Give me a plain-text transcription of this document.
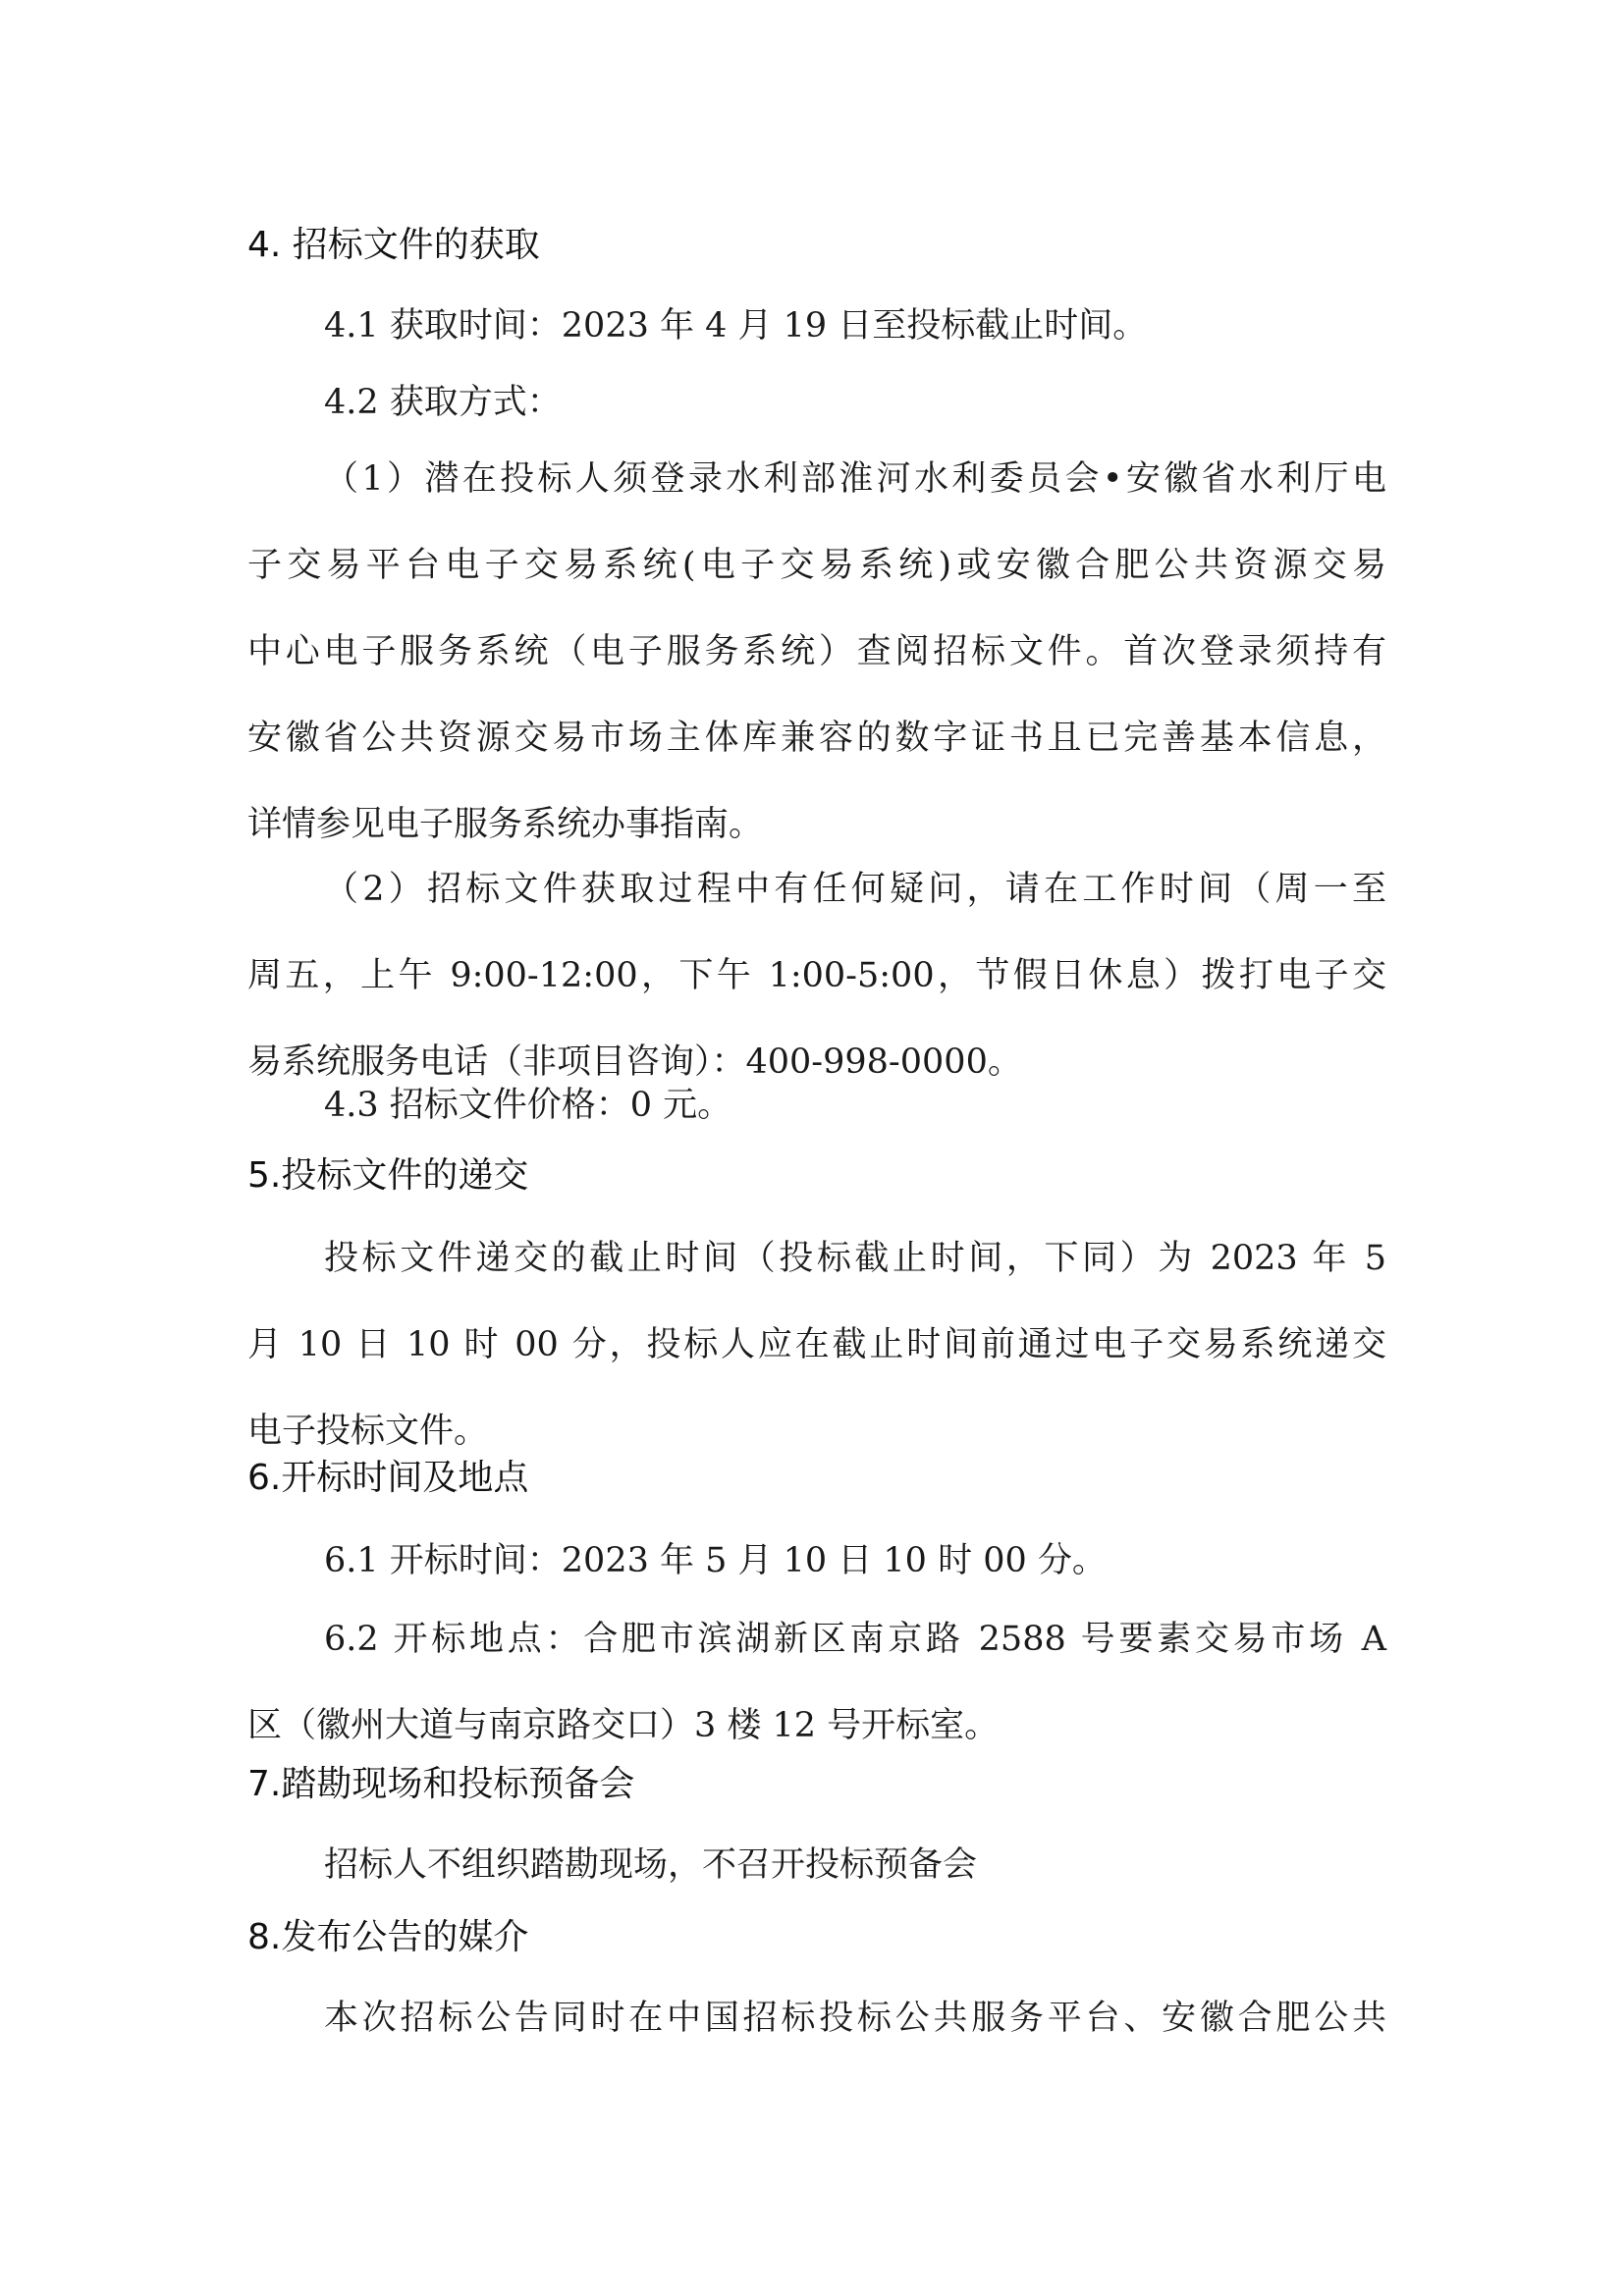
4. 招标文件的获取
4.1 获取时间：2023 年 4 月 19 日至投标截止时间。
4.2 获取方式：
（1）潜在投标人须登录水利部淮河水利委员会•安徽省水利厅电
子交易平台电子交易系统(电子交易系统)或安徽合肥公共资源交易
中心电子服务系统（电子服务系统）查阅招标文件。首次登录须持有
安徽省公共资源交易市场主体库兼容的数字证书且已完善基本信息，
详情参见电子服务系统办事指南。
（2）招标文件获取过程中有任何疑问，请在工作时间（周一至
周五，上午 9:00-12:00，下午 1:00-5:00，节假日休息）拨打电子交
易系统服务电话（非项目咨询）：400-998-0000。
4.3 招标文件价格：0 元。
5.投标文件的递交
投标文件递交的截止时间（投标截止时间，下同）为 2023 年 5
月 10 日 10 时 00 分，投标人应在截止时间前通过电子交易系统递交
电子投标文件。
6.开标时间及地点
6.1 开标时间：2023 年 5 月 10 日 10 时 00 分。
6.2 开标地点：合肥市滨湖新区南京路 2588 号要素交易市场 A
区（徽州大道与南京路交口）3 楼 12 号开标室。
7.踏勘现场和投标预备会
招标人不组织踏勘现场，不召开投标预备会
8.发布公告的媒介
本次招标公告同时在中国招标投标公共服务平台、安徽合肥公共
